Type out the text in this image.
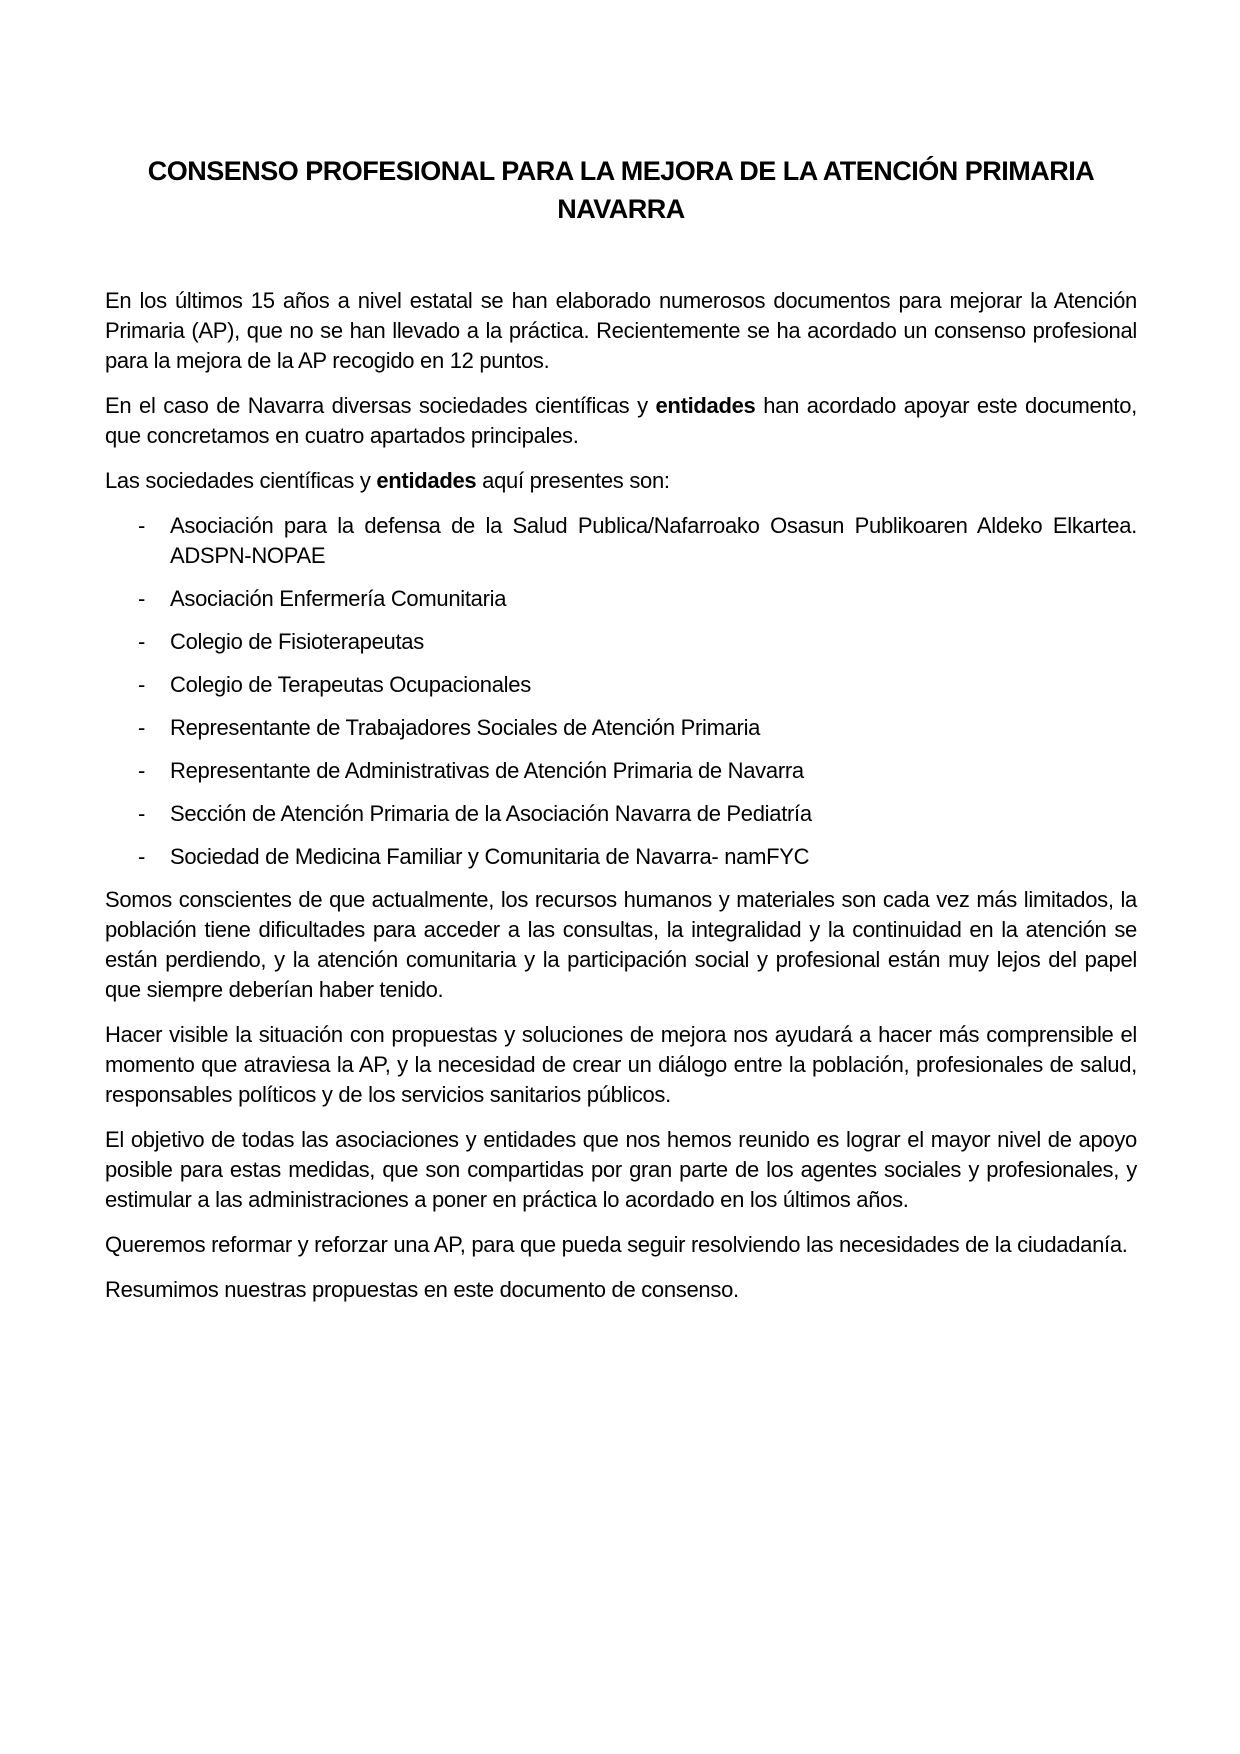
CONSENSO PROFESIONAL PARA LA MEJORA DE LA ATENCIÓN PRIMARIA
NAVARRA

En los últimos 15 años a nivel estatal se han elaborado numerosos documentos para mejorar la Atención Primaria (AP), que no se han llevado a la práctica. Recientemente se ha acordado un consenso profesional para la mejora de la AP recogido en 12 puntos.

En el caso de Navarra diversas sociedades científicas y entidades han acordado apoyar este documento, que concretamos en cuatro apartados principales.

Las sociedades científicas y entidades aquí presentes son:

-	Asociación para la defensa de la Salud Publica/Nafarroako Osasun Publikoaren Aldeko Elkartea. ADSPN-NOPAE
-	Asociación Enfermería Comunitaria
-	Colegio de Fisioterapeutas
-	Colegio de Terapeutas Ocupacionales
-	Representante de Trabajadores Sociales de Atención Primaria
-	Representante de Administrativas de Atención Primaria de Navarra
-	Sección de Atención Primaria de la Asociación Navarra de Pediatría
-	Sociedad de Medicina Familiar y Comunitaria de Navarra- namFYC

Somos conscientes de que actualmente, los recursos humanos y materiales son cada vez más limitados, la población tiene dificultades para acceder a las consultas, la integralidad y la continuidad en la atención se están perdiendo, y la atención comunitaria y la participación social y profesional están muy lejos del papel que siempre deberían haber tenido.

Hacer visible la situación con propuestas y soluciones de mejora nos ayudará a hacer más comprensible el momento que atraviesa la AP, y la necesidad de crear un diálogo entre la población, profesionales de salud, responsables políticos y de los servicios sanitarios públicos.

El objetivo de todas las asociaciones y entidades que nos hemos reunido es lograr el mayor nivel de apoyo posible para estas medidas, que son compartidas por gran parte de los agentes sociales y profesionales, y estimular a las administraciones a poner en práctica lo acordado en los últimos años.

Queremos reformar y reforzar una AP, para que pueda seguir resolviendo las necesidades de la ciudadanía.

Resumimos nuestras propuestas en este documento de consenso.
